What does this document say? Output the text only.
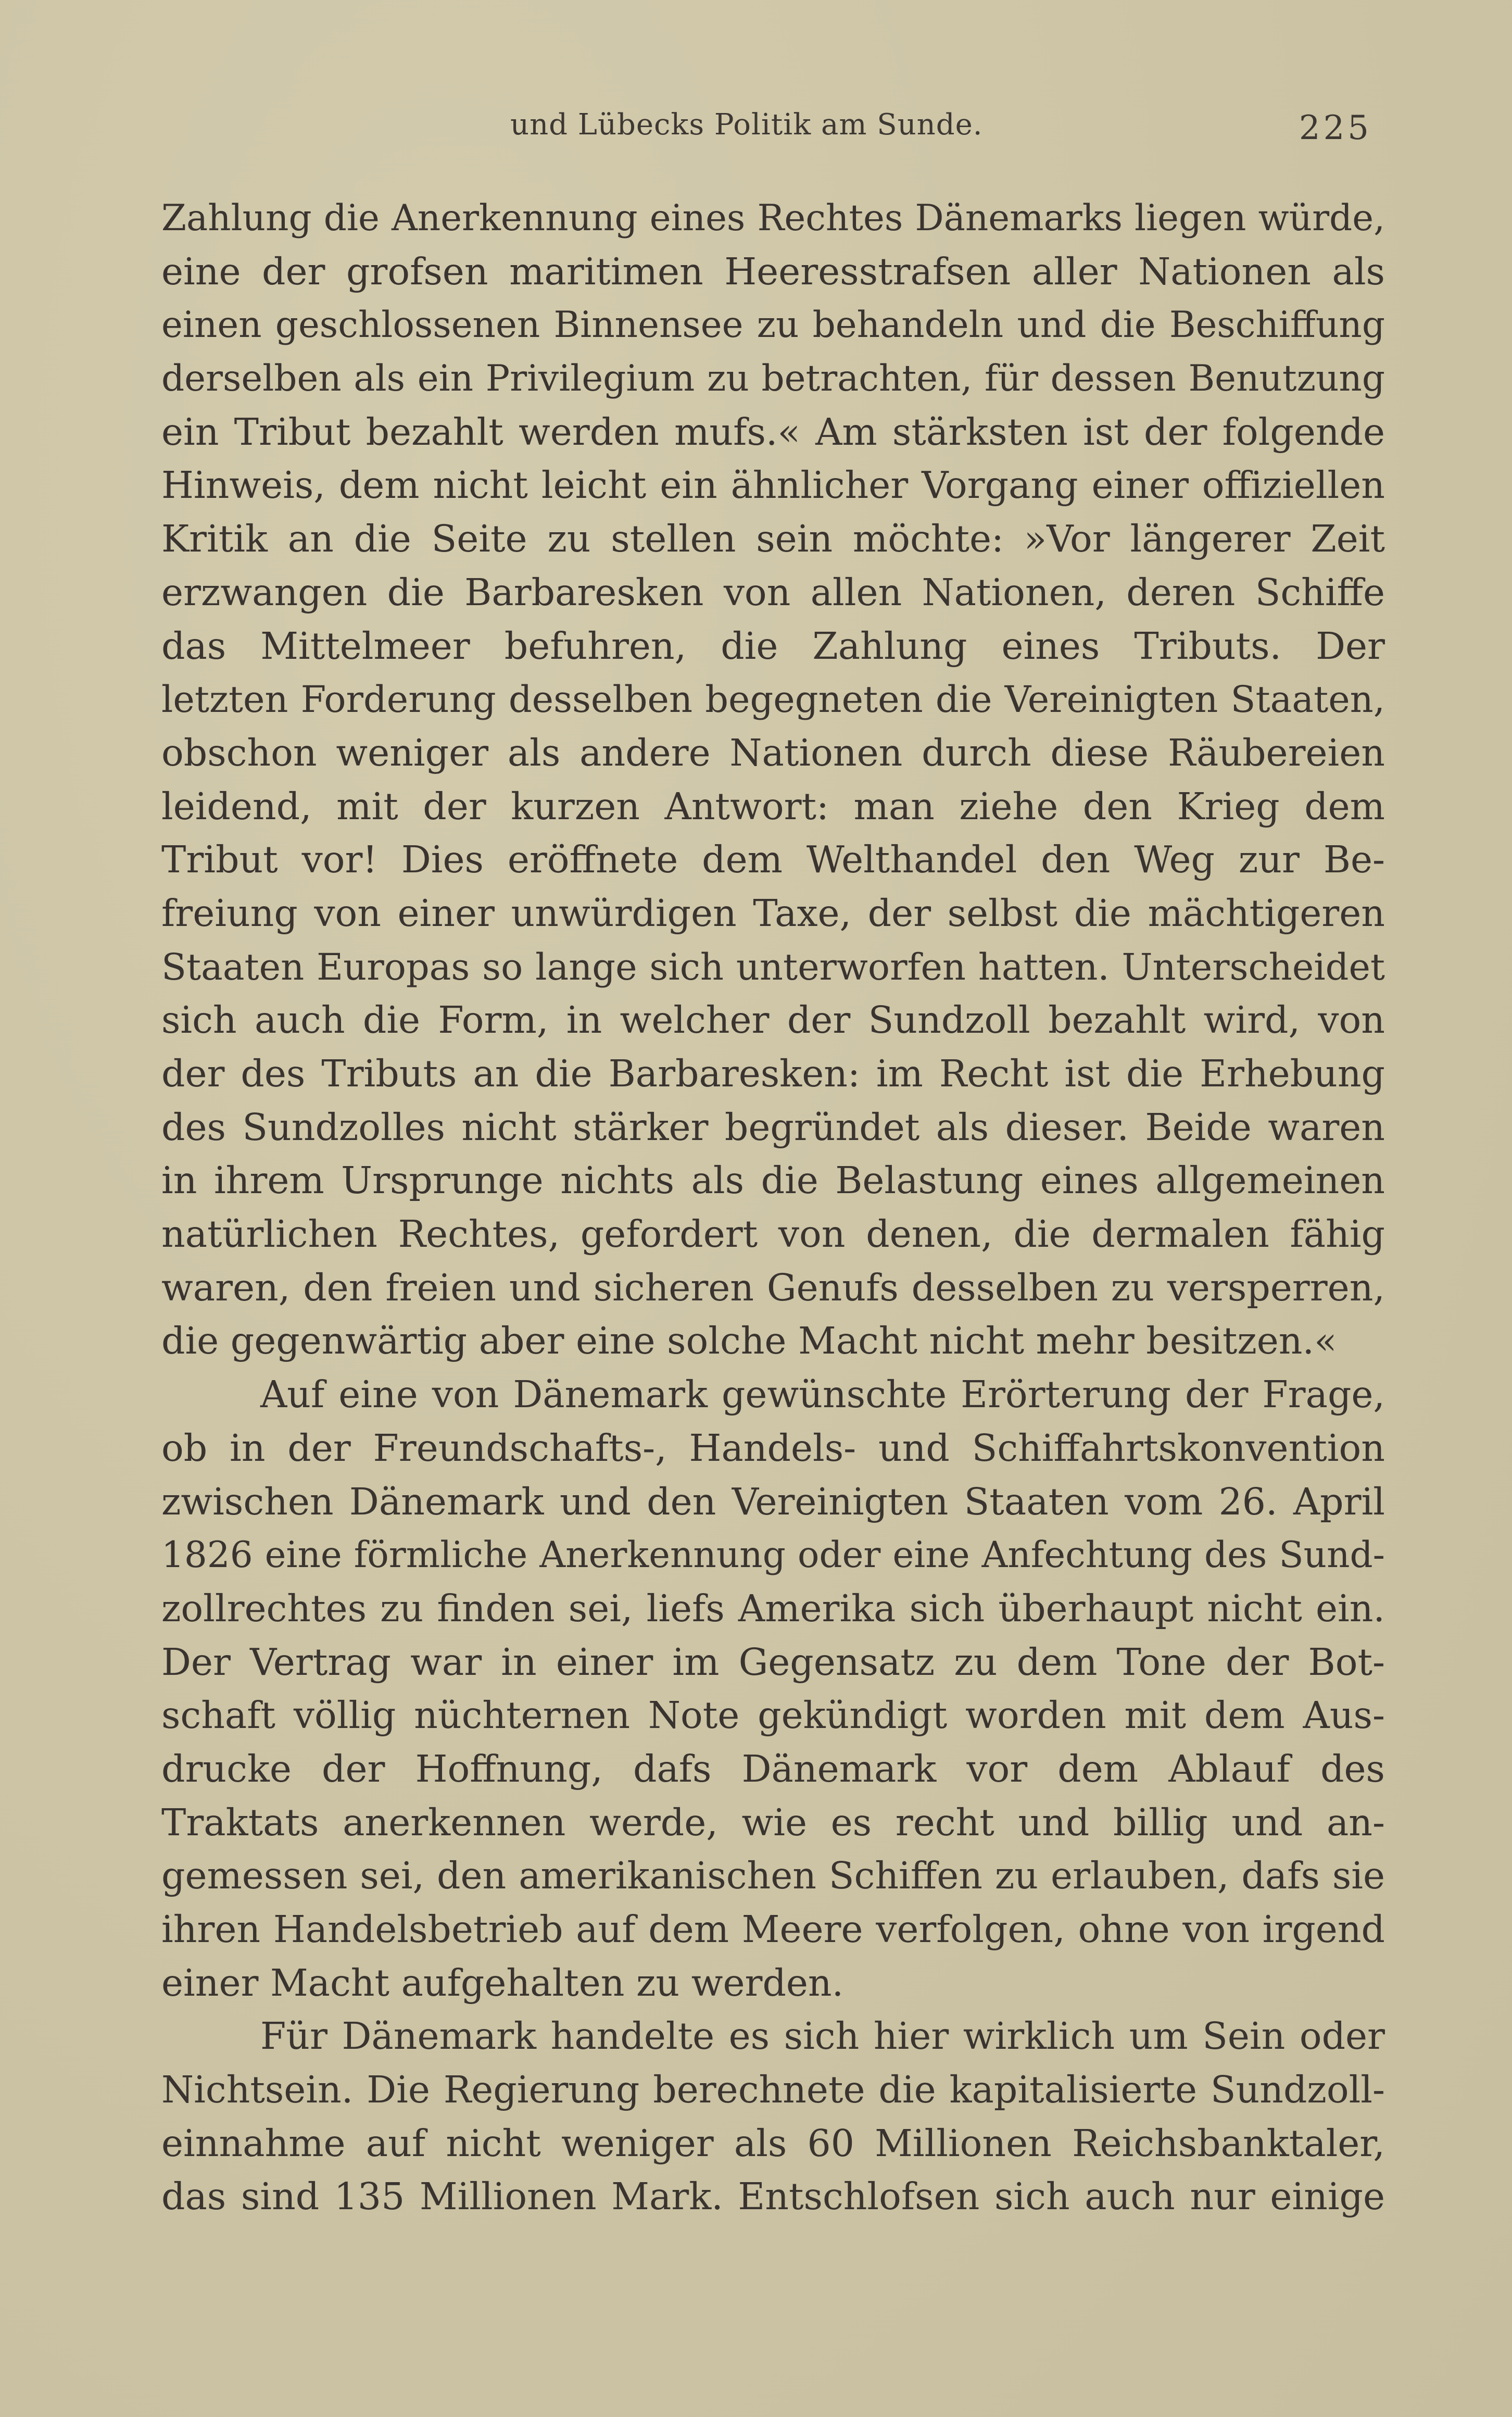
und Lübecks Politik am Sunde.	225
Zahlung die Anerkennung eines Rechtes Dänemarks liegen würde,
eine der grofsen maritimen Heeresstrafsen aller Nationen als
einen geschlossenen Binnensee zu behandeln und die Beschiffung
derselben als ein Privilegium zu betrachten, für dessen Benutzung
ein Tribut bezahlt werden mufs.« Am stärksten ist der folgende
Hinweis, dem nicht leicht ein ähnlicher Vorgang einer offiziellen
Kritik an die Seite zu stellen sein möchte: »Vor längerer Zeit
erzwangen die Barbaresken von allen Nationen, deren Schiffe
das Mittelmeer befuhren, die Zahlung eines Tributs. Der
letzten Forderung desselben begegneten die Vereinigten Staaten,
obschon weniger als andere Nationen durch diese Räubereien
leidend, mit der kurzen Antwort: man ziehe den Krieg dem
Tribut vor! Dies eröffnete dem Welthandel den Weg zur Be-
freiung von einer unwürdigen Taxe, der selbst die mächtigeren
Staaten Europas so lange sich unterworfen hatten. Unterscheidet
sich auch die Form, in welcher der Sundzoll bezahlt wird, von
der des Tributs an die Barbaresken: im Recht ist die Erhebung
des Sundzolles nicht stärker begründet als dieser. Beide waren
in ihrem Ursprunge nichts als die Belastung eines allgemeinen
natürlichen Rechtes, gefordert von denen, die dermalen fähig
waren, den freien und sicheren Genufs desselben zu versperren,
die gegenwärtig aber eine solche Macht nicht mehr besitzen.«
Auf eine von Dänemark gewünschte Erörterung der Frage,
ob in der Freundschafts-, Handels- und Schiffahrtskonvention
zwischen Dänemark und den Vereinigten Staaten vom 26. April
1826 eine förmliche Anerkennung oder eine Anfechtung des Sund-
zollrechtes zu finden sei, liefs Amerika sich überhaupt nicht ein.
Der Vertrag war in einer im Gegensatz zu dem Tone der Bot-
schaft völlig nüchternen Note gekündigt worden mit dem Aus-
drucke der Hoffnung, dafs Dänemark vor dem Ablauf des
Traktats anerkennen werde, wie es recht und billig und an-
gemessen sei, den amerikanischen Schiffen zu erlauben, dafs sie
ihren Handelsbetrieb auf dem Meere verfolgen, ohne von irgend
einer Macht aufgehalten zu werden.
Für Dänemark handelte es sich hier wirklich um Sein oder
Nichtsein. Die Regierung berechnete die kapitalisierte Sundzoll-
einnahme auf nicht weniger als 60 Millionen Reichsbanktaler,
das sind 135 Millionen Mark. Entschlofsen sich auch nur einige
